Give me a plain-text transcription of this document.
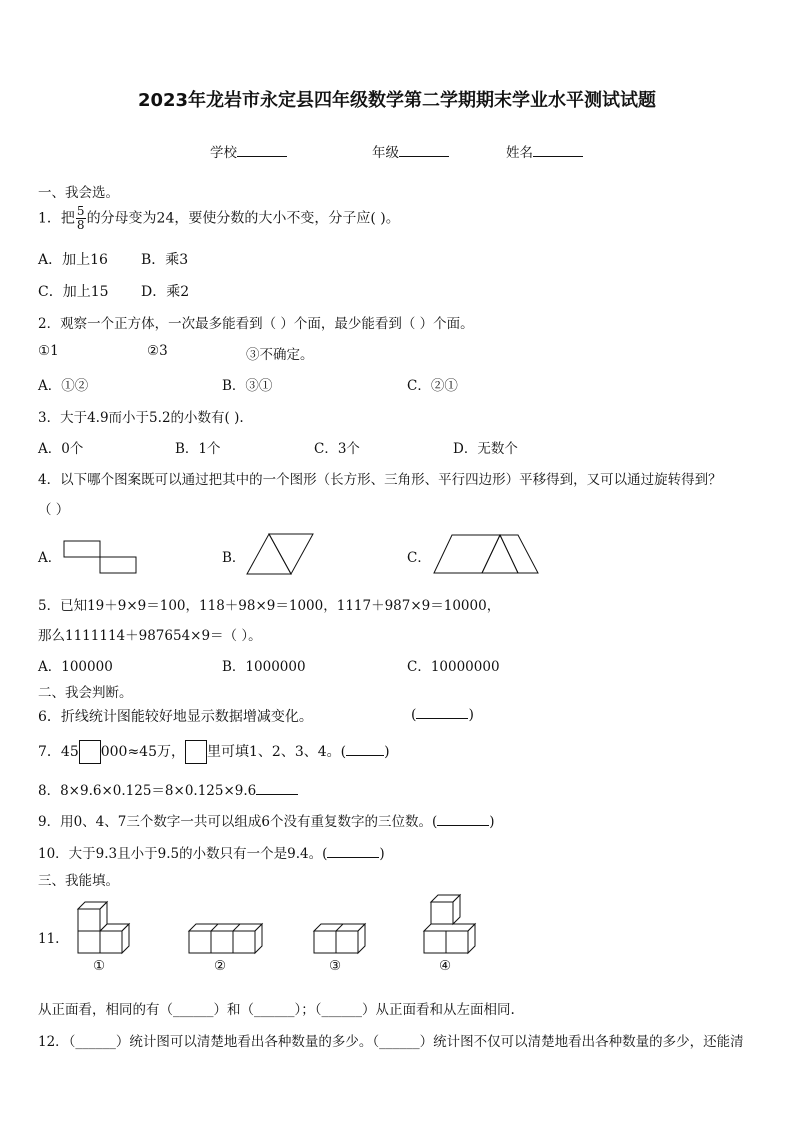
2023年龙岩市永定县四年级数学第二学期期末学业水平测试试题
学校	年级	姓名
一、我会选。
1．把 $\frac{5}{8}$ 的分母变为24，要使分数的大小不变，分子应( )。
A．加上16 B．乘3
C．加上15 D．乘2
2．观察一个正方体，一次最多能看到（ ）个面，最少能看到（ ）个面。
①1	②3	③不确定。
A．①②	B．③①	C．②①
3．大于4.9而小于5.2的小数有( ).
A．0个	B．1个	C．3个	D．无数个
4．以下哪个图案既可以通过把其中的一个图形（长方形、三角形、平行四边形）平移得到，又可以通过旋转得到？
（ ）
A．	B．	C．
5．已知19＋9×9＝100，118＋98×9＝1000，1117＋987×9＝10000，
那么1111114＋987654×9＝（ ）。
A．100000	B．1000000	C．10000000
二、我会判断。
6．折线统计图能较好地显示数据增减变化。	(	)
7．45 000≈45万， 里可填1、2、3、4。(	)
8．8×9.6×0.125＝8×0.125×9.6
9．用0、4、7三个数字一共可以组成6个没有重复数字的三位数。(	)
10．大于9.3且小于9.5的小数只有一个是9.4。(	)
三、我能填。
11.
①	②	③	④
从正面看，相同的有（______）和（______）；（______）从正面看和从左面相同.
12．（______）统计图可以清楚地看出各种数量的多少。（______）统计图不仅可以清楚地看出各种数量的多少，还能清
